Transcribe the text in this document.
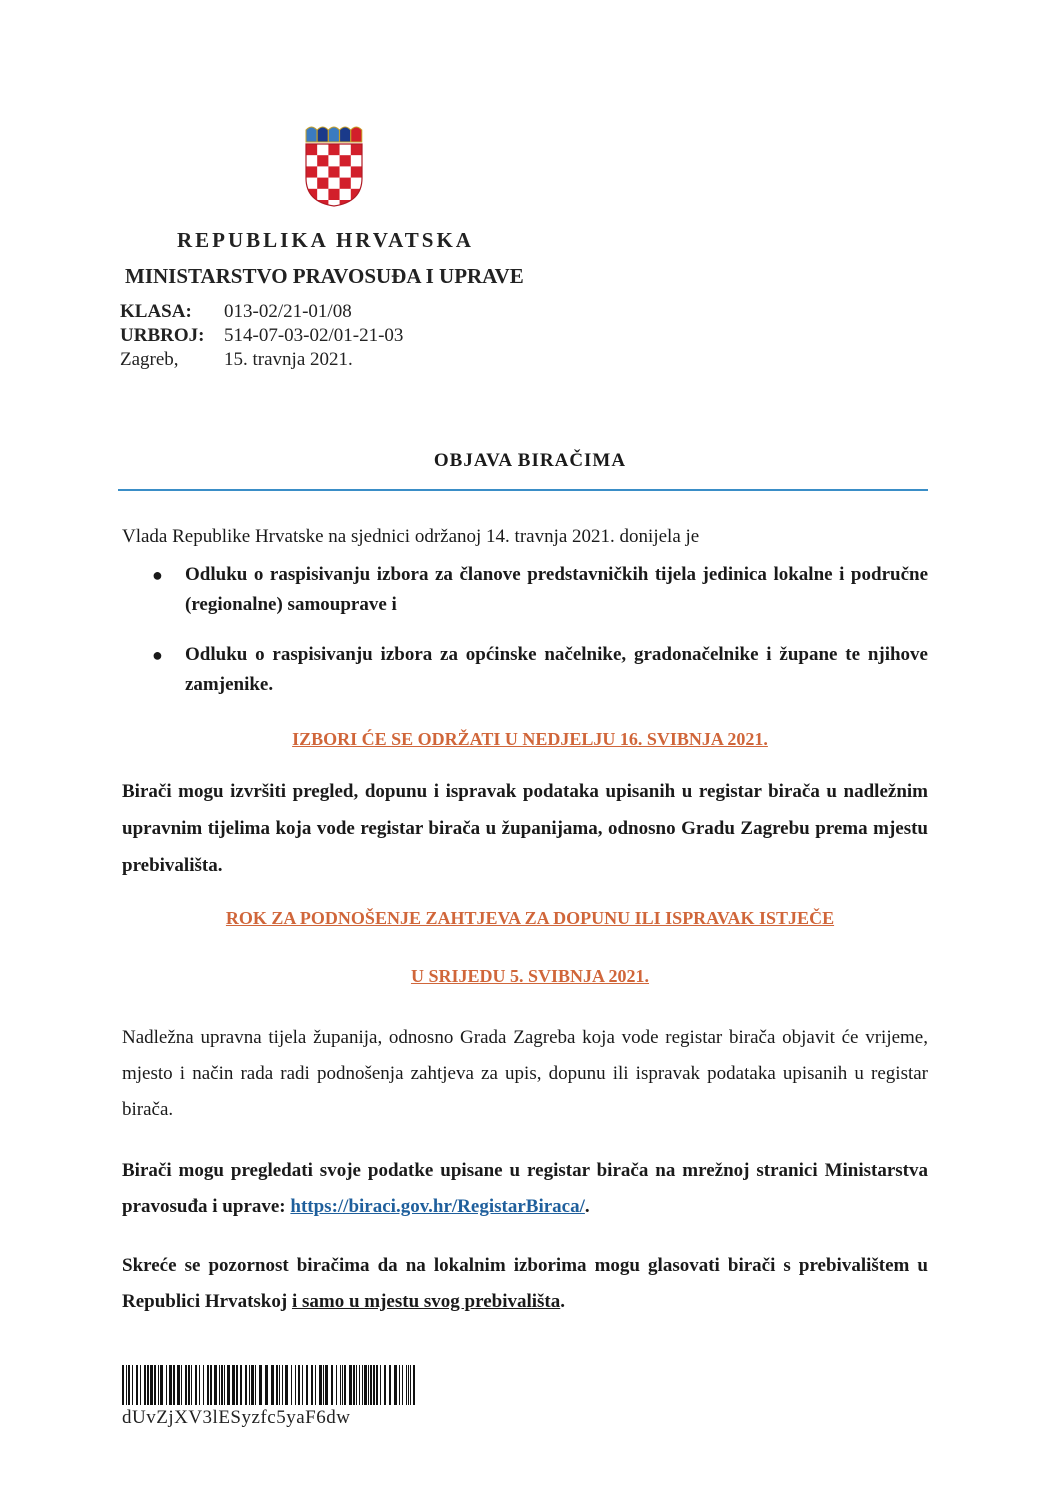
REPUBLIKA HRVATSKA
MINISTARSTVO PRAVOSUĐA I UPRAVE
KLASA: 013-02/21-01/08
URBROJ: 514-07-03-02/01-21-03
Zagreb, 15. travnja 2021.
OBJAVA BIRAČIMA
Vlada Republike Hrvatske na sjednici održanoj 14. travnja 2021. donijela je
● Odluku o raspisivanju izbora za članove predstavničkih tijela jedinica lokalne i područne (regionalne) samouprave i
● Odluku o raspisivanju izbora za općinske načelnike, gradonačelnike i župane te njihove zamjenike.
IZBORI ĆE SE ODRŽATI U NEDJELJU 16. SVIBNJA 2021.
Birači mogu izvršiti pregled, dopunu i ispravak podataka upisanih u registar birača u nadležnim upravnim tijelima koja vode registar birača u županijama, odnosno Gradu Zagrebu prema mjestu prebivališta.
ROK ZA PODNOŠENJE ZAHTJEVA ZA DOPUNU ILI ISPRAVAK ISTJEČE
U SRIJEDU 5. SVIBNJA 2021.
Nadležna upravna tijela županija, odnosno Grada Zagreba koja vode registar birača objavit će vrijeme, mjesto i način rada radi podnošenja zahtjeva za upis, dopunu ili ispravak podataka upisanih u registar birača.
Birači mogu pregledati svoje podatke upisane u registar birača na mrežnoj stranici Ministarstva pravosuđa i uprave: https://biraci.gov.hr/RegistarBiraca/.
Skreće se pozornost biračima da na lokalnim izborima mogu glasovati birači s prebivalištem u Republici Hrvatskoj i samo u mjestu svog prebivališta.
dUvZjXV3lESyzfc5yaF6dw
